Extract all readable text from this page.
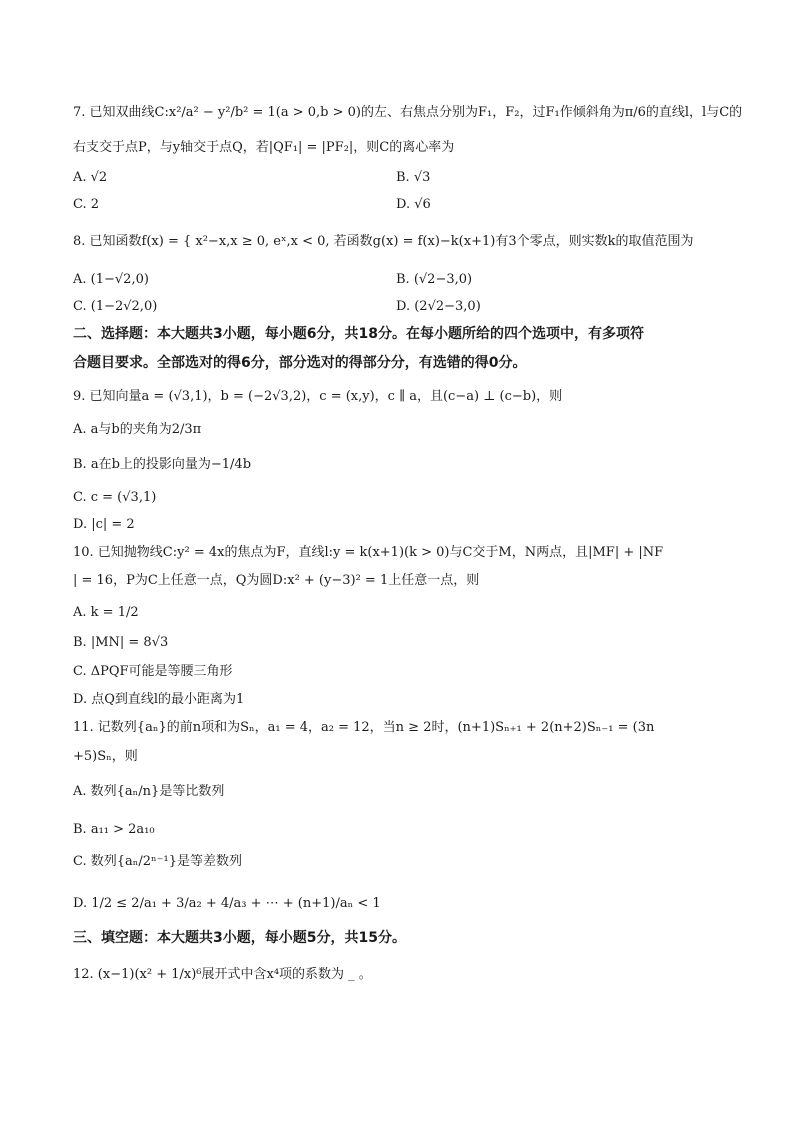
7. 已知双曲线C:x²/a² − y²/b² = 1(a > 0,b > 0)的左、右焦点分别为F₁，F₂，过F₁作倾斜角为π/6的直线l，l与C的
右支交于点P，与y轴交于点Q，若|QF₁| = |PF₂|，则C的离心率为
A. √2	B. √3
C. 2	D. √6
8. 已知函数f(x) = { x²−x,x ≥ 0, eˣ,x < 0, 若函数g(x) = f(x)−k(x+1)有3个零点，则实数k的取值范围为
A. (1−√2,0)	B. (√2−3,0)
C. (1−2√2,0)	D. (2√2−3,0)
二、选择题：本大题共3小题，每小题6分，共18分。在每小题所给的四个选项中，有多项符
合题目要求。全部选对的得6分，部分选对的得部分分，有选错的得0分。
9. 已知向量a = (√3,1)，b = (−2√3,2)，c = (x,y)，c ∥ a，且(c−a) ⊥ (c−b)，则
A. a与b的夹角为2/3π
B. a在b上的投影向量为−1/4b
C. c = (√3,1)
D. |c| = 2
10. 已知抛物线C:y² = 4x的焦点为F，直线l:y = k(x+1)(k > 0)与C交于M，N两点，且|MF| + |NF
| = 16，P为C上任意一点，Q为圆D:x² + (y−3)² = 1上任意一点，则
A. k = 1/2
B. |MN| = 8√3
C. ΔPQF可能是等腰三角形
D. 点Q到直线l的最小距离为1
11. 记数列{aₙ}的前n项和为Sₙ，a₁ = 4，a₂ = 12，当n ≥ 2时，(n+1)Sₙ₊₁ + 2(n+2)Sₙ₋₁ = (3n
+5)Sₙ，则
A. 数列{aₙ/n}是等比数列
B. a₁₁ > 2a₁₀
C. 数列{aₙ/2ⁿ⁻¹}是等差数列
D. 1/2 ≤ 2/a₁ + 3/a₂ + 4/a₃ + ⋯ + (n+1)/aₙ < 1
三、填空题：本大题共3小题，每小题5分，共15分。
12. (x−1)(x² + 1/x)⁶展开式中含x⁴项的系数为 _ 。
